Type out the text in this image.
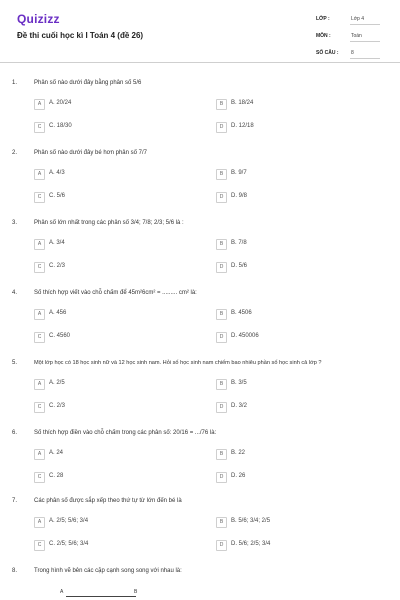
Quizizz
Đề thi cuối học kì I Toán 4 (đề 26)
LỚP :	Lớp 4
MÔN :	Toán
SỐ CÂU :	8
1.	Phân số nào dưới đây bằng phân số 5/6
A	A. 20/24	B	B. 18/24
C	C. 18/30	D	D. 12/18
2.	Phân số nào dưới đây bé hơn phân số 7/7
A	A. 4/3	B	B. 9/7
C	C. 5/6	D	D. 9/8
3.	Phân số lớn nhất trong các phân số 3/4; 7/8; 2/3; 5/6 là :
A	A. 3/4	B	B. 7/8
C	C. 2/3	D	D. 5/6
4.	Số thích hợp viết vào chỗ chấm để 45m²6cm² = ......... cm² là:
A	A. 456	B	B. 4506
C	C. 4560	D	D. 450006
5.	Một lớp học có 18 học sinh nữ và 12 học sinh nam. Hỏi số học sinh nam chiếm bao nhiêu phần số học sinh cả lớp ?
A	A. 2/5	B	B. 3/5
C	C. 2/3	D	D. 3/2
6.	Số thích hợp điền vào chỗ chấm trong các phân số: 20/16 = .../76 là:
A	A. 24	B	B. 22
C	C. 28	D	D. 26
7.	Các phân số được sắp xếp theo thứ tự từ lớn đến bé là
A	A. 2/5; 5/6; 3/4	B	B. 5/6; 3/4; 2/5
C	C. 2/5; 5/6; 3/4	D	D. 5/6; 2/5; 3/4
8.	Trong hình vẽ bên các cặp cạnh song song với nhau là:
A	B
